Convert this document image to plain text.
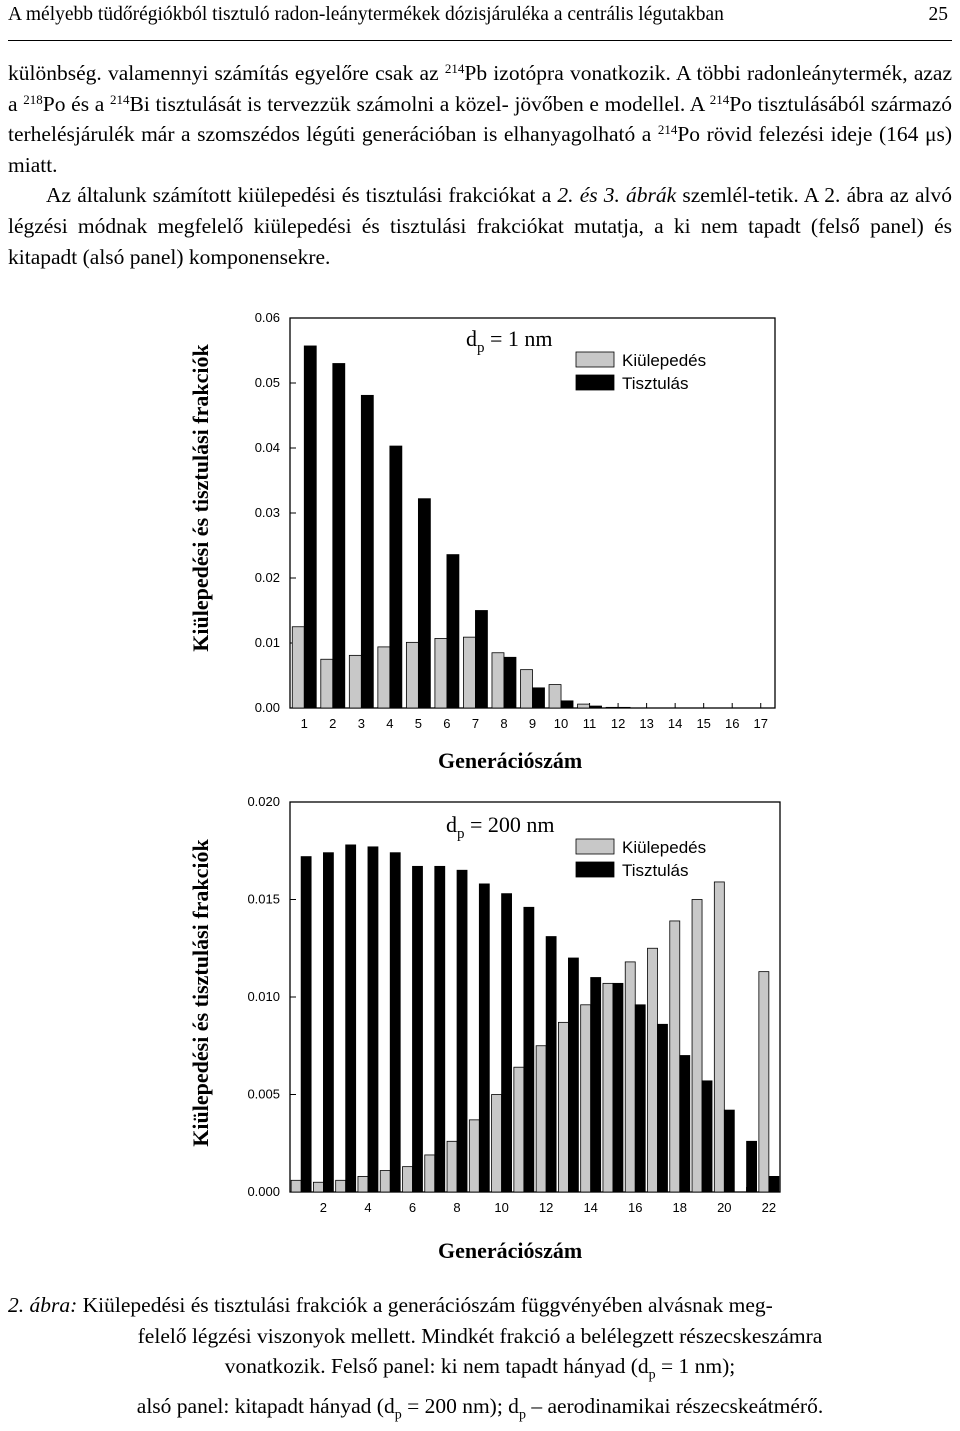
A mélyebb tüdőrégiókból tisztuló radon-leánytermékek dózisjáruléka a centrális légutakban	25

különbség. valamennyi számítás egyelőre csak az $^{214}$Pb izotópra vonatkozik. A többi radonleánytermék, azaz a $^{218}$Po és a $^{214}$Bi tisztulását is tervezzük számolni a közel- jövőben e modellel. A $^{214}$Po tisztulásából származó terhelésjárulék már a szomszédos légúti generációban is elhanyagolható a $^{214}$Po rövid felezési ideje (164 μs) miatt.

Az általunk számított kiülepedési és tisztulási frakciókat a 2. és 3. ábrák szemlél-tetik. A 2. ábra az alvó légzési módnak megfelelő kiülepedési és tisztulási frakciókat mutatja, a ki nem tapadt (felső panel) és kitapadt (alsó panel) komponensekre.

Kiülepedési és tisztulási frakciók
0.00
0.01
0.02
0.03
0.04
0.05
0.06
1 2 3 4 5 6 7 8 9 10 11 12 13 14 15 16 17
$d_p = 1$ nm
Kiülepedés
Tisztulás
Generációszám
Kiülepedési és tisztulási frakciók
0.000
0.005
0.010
0.015
0.020
2	4	6	8	10 12 14 16 18 20 22
$d_p = 200$ nm
Kiülepedés
Tisztulás
Generációszám

2. ábra: Kiülepedési és tisztulási frakciók a generációszám függvényében alvásnak meg-

felelő légzési viszonyok mellett. Mindkét frakció a belélegzett részecskeszámra

vonatkozik. Felső panel: ki nem tapadt hányad ($d_p = 1$ nm);

alsó panel: kitapadt hányad ($d_p = 200$ nm); $d_p$ – aerodinamikai részecskeátmérő.
